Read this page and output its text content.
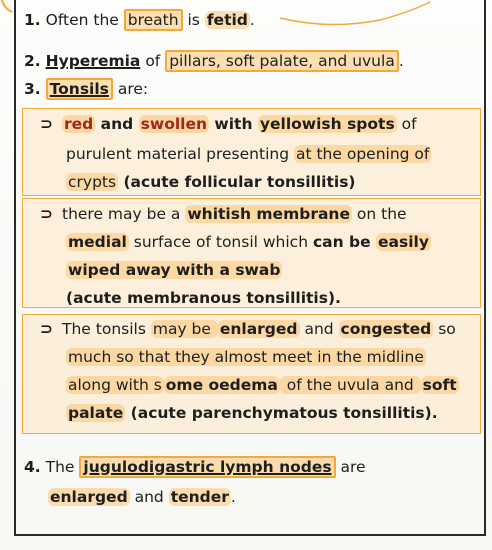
1. Often the breath is fetid .
2. Hyperemia of pillars, soft palate, and uvula .
3. Tonsils are:
⊃ red and swollen with yellowish spots of
purulent material presenting at the opening of
crypts (acute follicular tonsillitis)
⊃ there may be a whitish membrane on the
medial surface of tonsil which can be easily
wiped away with a swab
(acute membranous tonsillitis).
⊃ The tonsils may be enlarged and congested so
much so that they almost meet in the midline
along with s ome oedema of the uvula and soft
palate (acute parenchymatous tonsillitis).
4. The jugulodigastric lymph nodes are
enlarged and tender .
